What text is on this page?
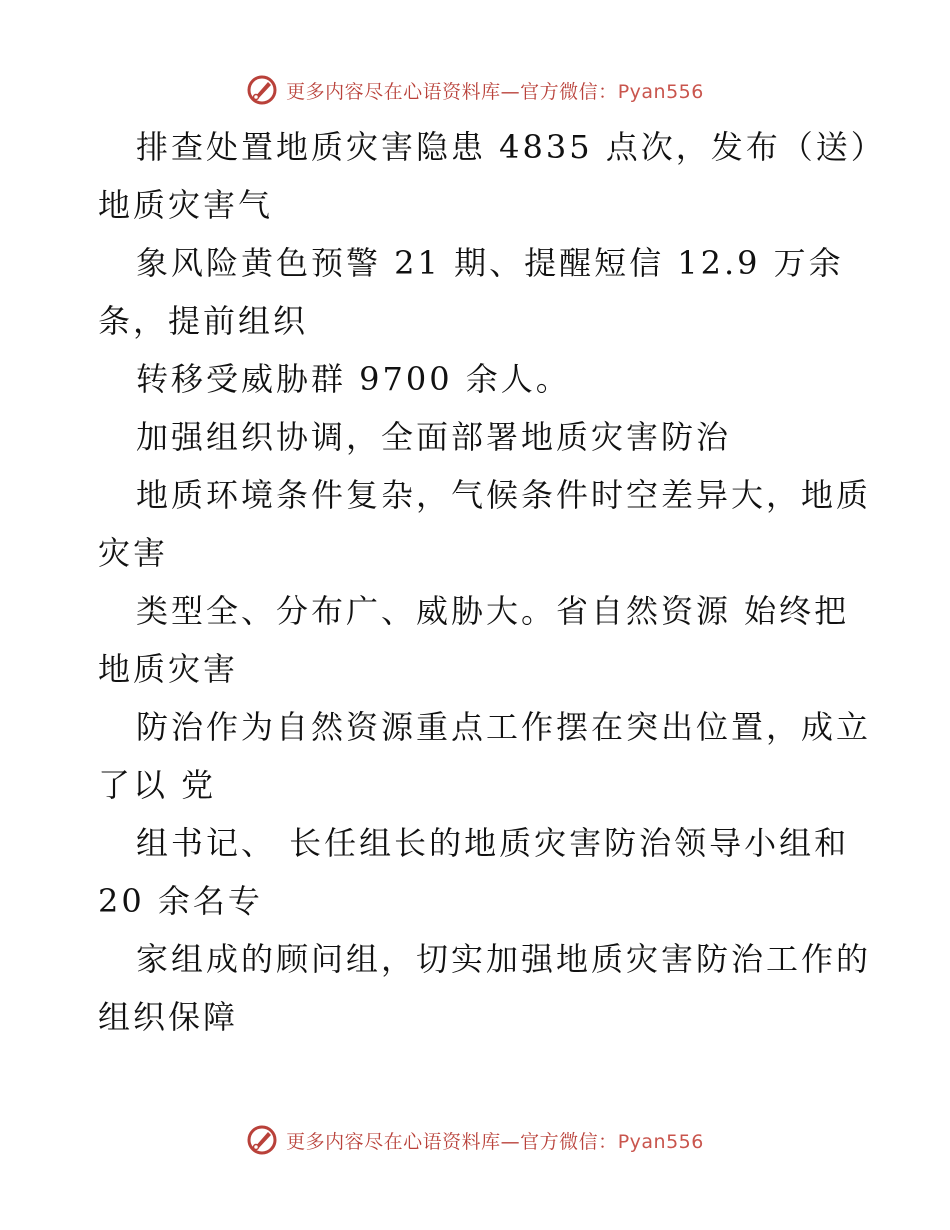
更多内容尽在心语资料库—官方微信：Pyan556
排查处置地质灾害隐患 4835 点次，发布（送）
地质灾害气
象风险黄色预警 21 期、提醒短信 12.9 万余
条，提前组织
转移受威胁群 9700 余人。
加强组织协调，全面部署地质灾害防治
地质环境条件复杂，气候条件时空差异大，地质
灾害
类型全、分布广、威胁大。省自然资源 始终把
地质灾害
防治作为自然资源重点工作摆在突出位置，成立
了以 党
组书记、 长任组长的地质灾害防治领导小组和
20 余名专
家组成的顾问组，切实加强地质灾害防治工作的
组织保障
更多内容尽在心语资料库—官方微信：Pyan556
